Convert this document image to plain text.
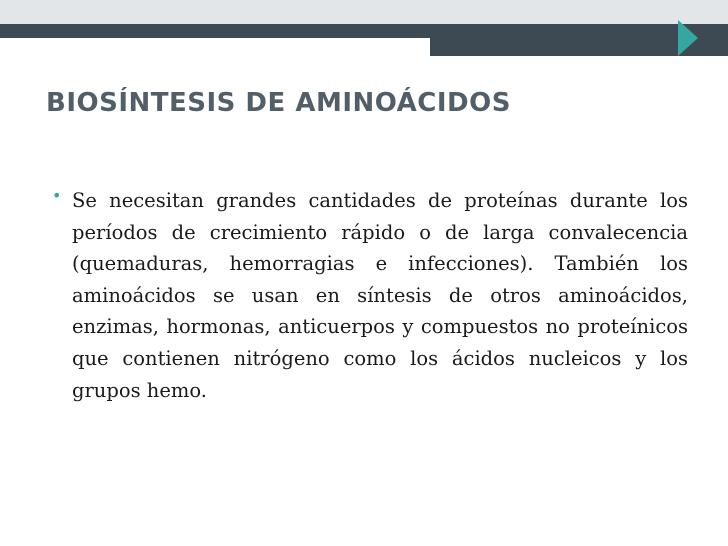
BIOSÍNTESIS DE AMINOÁCIDOS
• Se necesitan grandes cantidades de proteínas durante los períodos de crecimiento rápido o de larga convalecencia (quemaduras, hemorragias e infecciones). También los aminoácidos se usan en síntesis de otros aminoácidos, enzimas, hormonas, anticuerpos y compuestos no proteínicos que contienen nitrógeno como los ácidos nucleicos y los grupos hemo.
